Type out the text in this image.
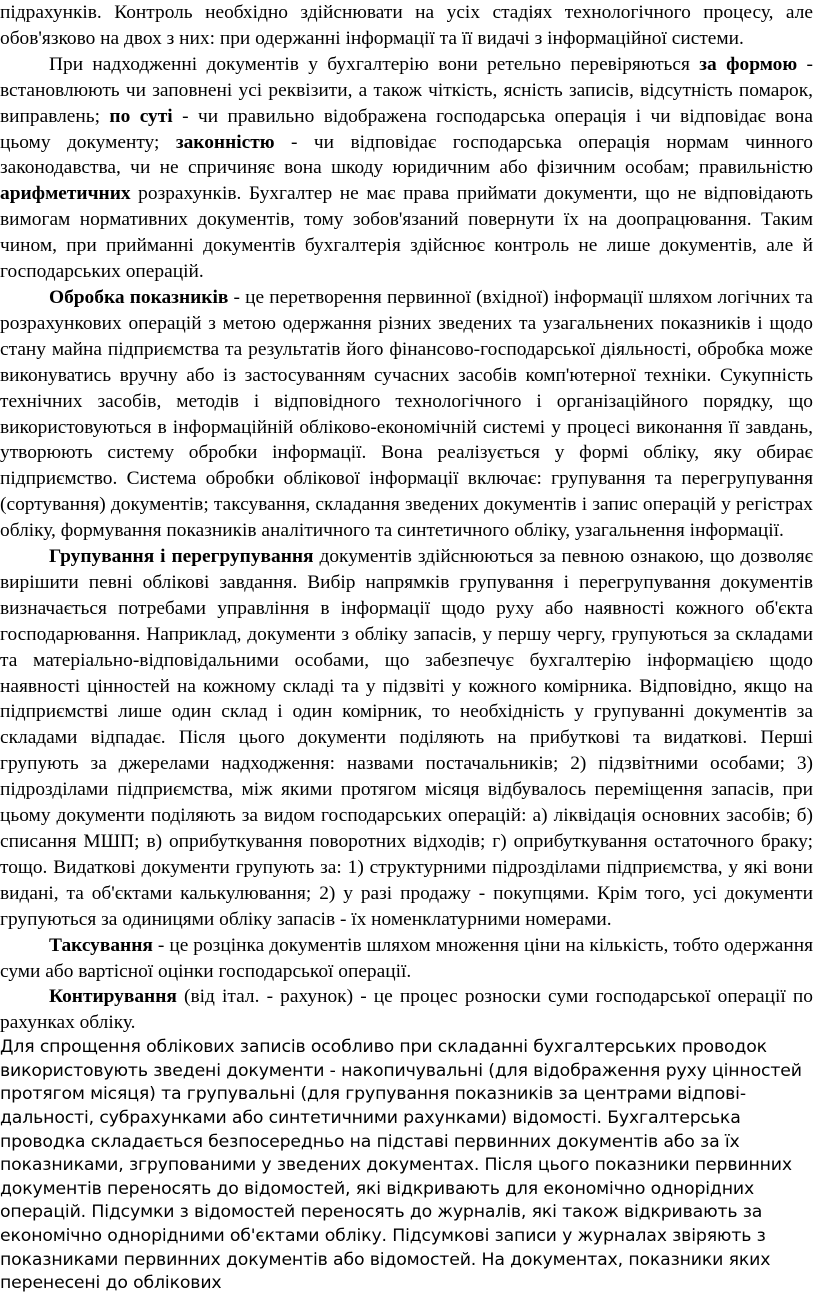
підрахунків. Контроль необхідно здійснювати на усіх стадіях технологічного процесу, але обов'язково на двох з них: при одержанні інформації та її видачі з інформаційної системи.

При надходженні документів у бухгалтерію вони ретельно перевіряються за формою - встановлюють чи заповнені усі реквізити, а також чіткість, ясність записів, відсутність помарок, виправлень; по суті - чи правильно відображена господарська операція і чи відповідає вона цьому документу; законністю - чи відповідає господарська операція нормам чинного законодавства, чи не спричиняє вона шкоду юридичним або фізичним особам; правильністю арифметичних розрахунків. Бухгалтер не має права приймати документи, що не відповідають вимогам нормативних документів, тому зобов'язаний повернути їх на доопрацювання. Таким чином, при прийманні документів бухгалтерія здійснює контроль не лише документів, але й господарських операцій.

Обробка показників - це перетворення первинної (вхідної) інформації шляхом логічних та розрахункових операцій з метою одержання різних зведених та узагальнених показників і щодо стану майна підприємства та результатів його фінансово-господарської діяльності, обробка може виконуватись вручну або із застосуванням сучасних засобів комп'ютерної техніки. Сукупність технічних засобів, методів і відповідного технологічного і організаційного порядку, що використовуються в інформаційній обліково-економічній системі у процесі виконання її завдань, утворюють систему обробки інформації. Вона реалізується у формі обліку, яку обирає підприємство. Система обробки облікової інформації включає: групування та перегрупування (сортування) документів; таксування, складання зведених документів і запис операцій у регістрах обліку, формування показників аналітичного та синтетичного обліку, узагальнення інформації.

Групування і перегрупування документів здійснюються за певною ознакою, що дозволяє вирішити певні облікові завдання. Вибір напрямків групування і перегрупування документів визначається потребами управління в інформації щодо руху або наявності кожного об'єкта господарювання. Наприклад, документи з обліку запасів, у першу чергу, групуються за складами та матеріально-відповідальними особами, що забезпечує бухгалтерію інформацією щодо наявності цінностей на кожному складі та у підзвіті у кожного комірника. Відповідно, якщо на підприємстві лише один склад і один комірник, то необхідність у групуванні документів за складами відпадає. Після цього документи поділяють на прибуткові та видаткові. Перші групують за джерелами надходження: назвами постачальників; 2) підзвітними особами; 3) підрозділами підприємства, між якими протягом місяця відбувалось переміщення запасів, при цьому документи поділяють за видом господарських операцій: а) ліквідація основних засобів; б) списання МШП; в) оприбуткування поворотних відходів; г) оприбуткування остаточного браку; тощо. Видаткові документи групують за: 1) структурними підрозділами підприємства, у які вони видані, та об'єктами калькулювання; 2) у разі продажу - покупцями. Крім того, усі документи групуються за одиницями обліку запасів - їх номенклатурними номерами.

Таксування - це розцінка документів шляхом множення ціни на кількість, тобто одержання суми або вартісної оцінки господарської операції.

Контирування (від італ. - рахунок) - це процес розноски суми господарської операції по рахунках обліку.

Для спрощення облікових записів особливо при складанні бухгалтерських проводок
використовують зведені документи - накопичувальні (для відображення руху цінностей
протягом місяця) та групувальні (для групування показників за центрами відпові-
дальності, субрахунками або синтетичними рахунками) відомості. Бухгалтерська
проводка складається безпосередньо на підставі первинних документів або за їх
показниками, згрупованими у зведених документах. Після цього показники первинних
документів переносять до відомостей, які відкривають для економічно однорідних
операцій. Підсумки з відомостей переносять до журналів, які також відкривають за
економічно однорідними об'єктами обліку. Підсумкові записи у журналах звіряють з
показниками первинних документів або відомостей. На документах, показники яких
перенесені до облікових
